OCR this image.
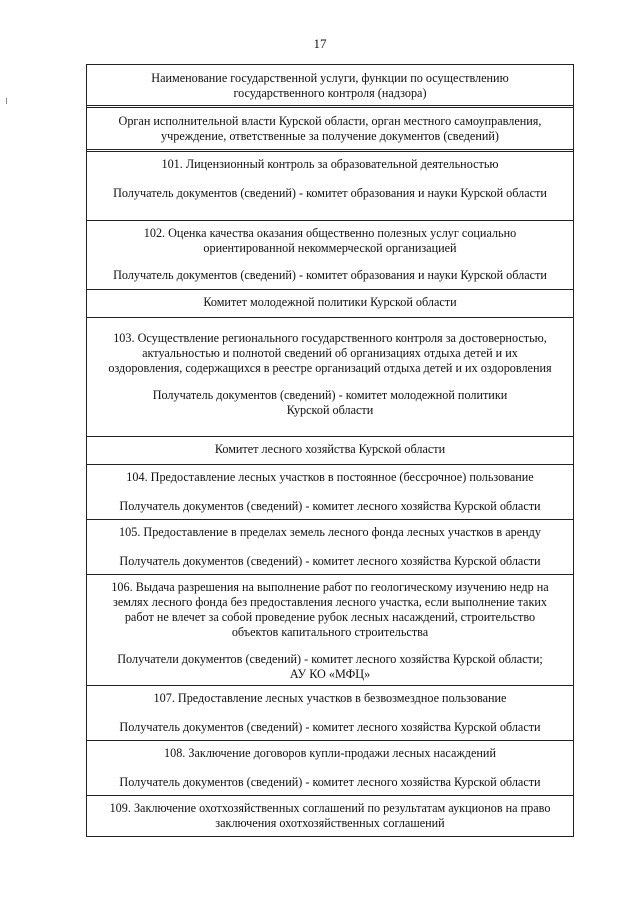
17
Наименование государственной услуги, функции по осуществлению
государственного контроля (надзора)
Орган исполнительной власти Курской области, орган местного самоуправления,
учреждение, ответственные за получение документов (сведений)
101. Лицензионный контроль за образовательной деятельностью
Получатель документов (сведений) - комитет образования и науки Курской области
102. Оценка качества оказания общественно полезных услуг социально
ориентированной некоммерческой организацией
Получатель документов (сведений) - комитет образования и науки Курской области
Комитет молодежной политики Курской области
103. Осуществление регионального государственного контроля за достоверностью,
актуальностью и полнотой сведений об организациях отдыха детей и их
оздоровления, содержащихся в реестре организаций отдыха детей и их оздоровления
Получатель документов (сведений) - комитет молодежной политики
Курской области
Комитет лесного хозяйства Курской области
104. Предоставление лесных участков в постоянное (бессрочное) пользование
Получатель документов (сведений) - комитет лесного хозяйства Курской области
105. Предоставление в пределах земель лесного фонда лесных участков в аренду
Получатель документов (сведений) - комитет лесного хозяйства Курской области
106. Выдача разрешения на выполнение работ по геологическому изучению недр на
землях лесного фонда без предоставления лесного участка, если выполнение таких
работ не влечет за собой проведение рубок лесных насаждений, строительство
объектов капитального строительства
Получатели документов (сведений) - комитет лесного хозяйства Курской области;
АУ КО «МФЦ»
107. Предоставление лесных участков в безвозмездное пользование
Получатель документов (сведений) - комитет лесного хозяйства Курской области
108. Заключение договоров купли-продажи лесных насаждений
Получатель документов (сведений) - комитет лесного хозяйства Курской области
109. Заключение охотхозяйственных соглашений по результатам аукционов на право
заключения охотхозяйственных соглашений
